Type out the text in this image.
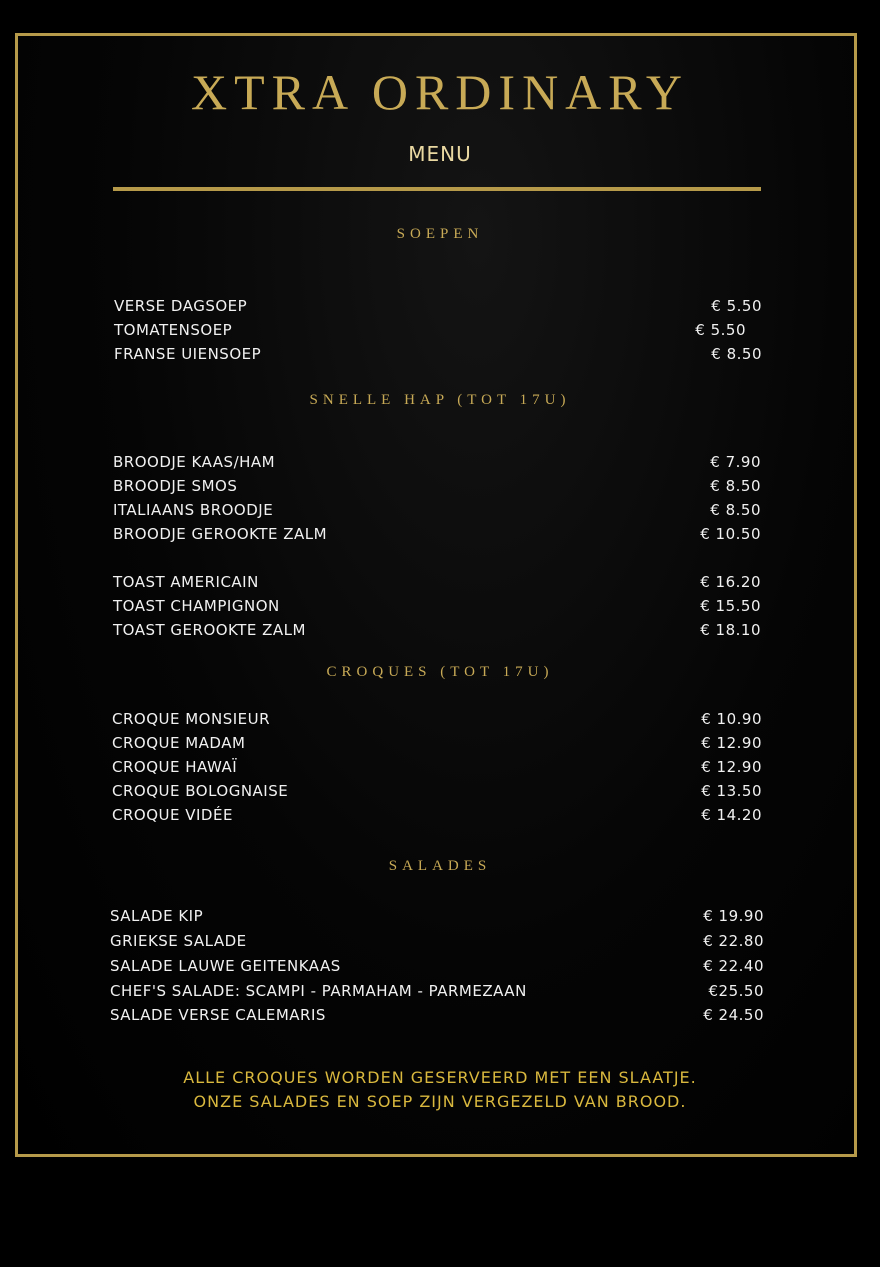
XTRA ORDINARY
MENU
SOEPEN
VERSE DAGSOEP	€ 5.50
TOMATENSOEP	€ 5.50
FRANSE UIENSOEP	€ 8.50
SNELLE HAP (TOT 17U)
BROODJE KAAS/HAM	€ 7.90
BROODJE SMOS	€ 8.50
ITALIAANS BROODJE	€ 8.50
BROODJE GEROOKTE ZALM	€ 10.50
TOAST AMERICAIN	€ 16.20
TOAST CHAMPIGNON	€ 15.50
TOAST GEROOKTE ZALM	€ 18.10
CROQUES (TOT 17U)
CROQUE MONSIEUR	€ 10.90
CROQUE MADAM	€ 12.90
CROQUE HAWAÏ	€ 12.90
CROQUE BOLOGNAISE	€ 13.50
CROQUE VIDÉE	€ 14.20
SALADES
SALADE KIP	€ 19.90
GRIEKSE SALADE	€ 22.80
SALADE LAUWE GEITENKAAS	€ 22.40
CHEF'S SALADE: SCAMPI - PARMAHAM - PARMEZAAN	€25.50
SALADE VERSE CALEMARIS	€ 24.50
ALLE CROQUES WORDEN GESERVEERD MET EEN SLAATJE.
ONZE SALADES EN SOEP ZIJN VERGEZELD VAN BROOD.
